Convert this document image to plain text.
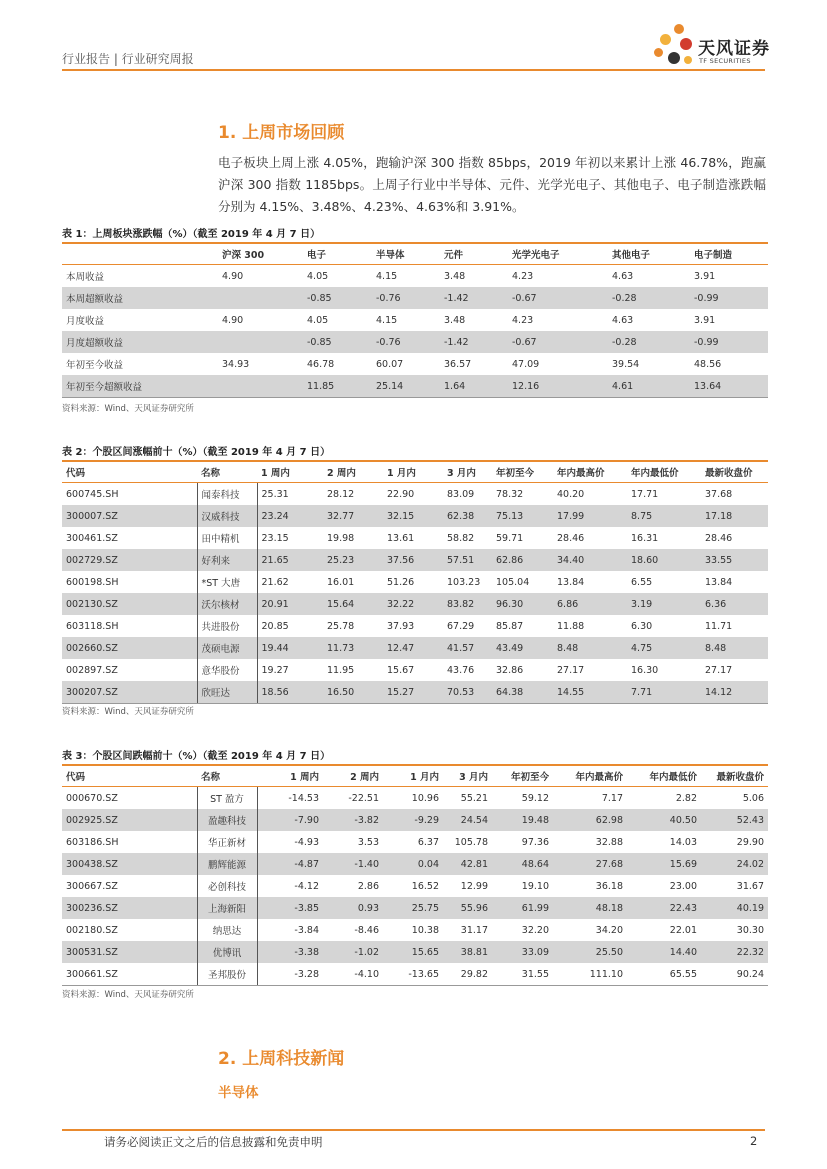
行业报告 | 行业研究周报	天风证券
TF SECURITIES
1. 上周市场回顾
电子板块上周上涨 4.05%，跑输沪深 300 指数 85bps，2019 年初以来累计上涨 46.78%，跑赢沪深 300 指数 1185bps。上周子行业中半导体、元件、光学光电子、其他电子、电子制造涨跌幅分别为 4.15%、3.48%、4.23%、4.63%和 3.91%。
表 1：上周板块涨跌幅（%）（截至 2019 年 4 月 7 日）
	沪深 300	电子	半导体	元件	光学光电子	其他电子	电子制造
本周收益	4.90	4.05	4.15	3.48	4.23	4.63	3.91
本周超额收益		-0.85	-0.76	-1.42	-0.67	-0.28	-0.99
月度收益	4.90	4.05	4.15	3.48	4.23	4.63	3.91
月度超额收益		-0.85	-0.76	-1.42	-0.67	-0.28	-0.99
年初至今收益	34.93	46.78	60.07	36.57	47.09	39.54	48.56
年初至今超额收益		11.85	25.14	1.64	12.16	4.61	13.64
资料来源：Wind、天风证券研究所
表 2：个股区间涨幅前十（%）（截至 2019 年 4 月 7 日）
代码	名称	1 周内	2 周内	1 月内	3 月内	年初至今	年内最高价	年内最低价	最新收盘价
600745.SH	闻泰科技	25.31	28.12	22.90	83.09	78.32	40.20	17.71	37.68
300007.SZ	汉威科技	23.24	32.77	32.15	62.38	75.13	17.99	8.75	17.18
300461.SZ	田中精机	23.15	19.98	13.61	58.82	59.71	28.46	16.31	28.46
002729.SZ	好利来	21.65	25.23	37.56	57.51	62.86	34.40	18.60	33.55
600198.SH	*ST 大唐	21.62	16.01	51.26	103.23	105.04	13.84	6.55	13.84
002130.SZ	沃尔核材	20.91	15.64	32.22	83.82	96.30	6.86	3.19	6.36
603118.SH	共进股份	20.85	25.78	37.93	67.29	85.87	11.88	6.30	11.71
002660.SZ	茂硕电源	19.44	11.73	12.47	41.57	43.49	8.48	4.75	8.48
002897.SZ	意华股份	19.27	11.95	15.67	43.76	32.86	27.17	16.30	27.17
300207.SZ	欣旺达	18.56	16.50	15.27	70.53	64.38	14.55	7.71	14.12
资料来源：Wind、天风证券研究所
表 3：个股区间跌幅前十（%）（截至 2019 年 4 月 7 日）
代码	名称	1 周内	2 周内	1 月内	3 月内	年初至今	年内最高价	年内最低价	最新收盘价
000670.SZ	ST 盈方	-14.53	-22.51	10.96	55.21	59.12	7.17	2.82	5.06
002925.SZ	盈趣科技	-7.90	-3.82	-9.29	24.54	19.48	62.98	40.50	52.43
603186.SH	华正新材	-4.93	3.53	6.37	105.78	97.36	32.88	14.03	29.90
300438.SZ	鹏辉能源	-4.87	-1.40	0.04	42.81	48.64	27.68	15.69	24.02
300667.SZ	必创科技	-4.12	2.86	16.52	12.99	19.10	36.18	23.00	31.67
300236.SZ	上海新阳	-3.85	0.93	25.75	55.96	61.99	48.18	22.43	40.19
002180.SZ	纳思达	-3.84	-8.46	10.38	31.17	32.20	34.20	22.01	30.30
300531.SZ	优博讯	-3.38	-1.02	15.65	38.81	33.09	25.50	14.40	22.32
300661.SZ	圣邦股份	-3.28	-4.10	-13.65	29.82	31.55	111.10	65.55	90.24
资料来源：Wind、天风证券研究所
2. 上周科技新闻
半导体
请务必阅读正文之后的信息披露和免责申明	2
